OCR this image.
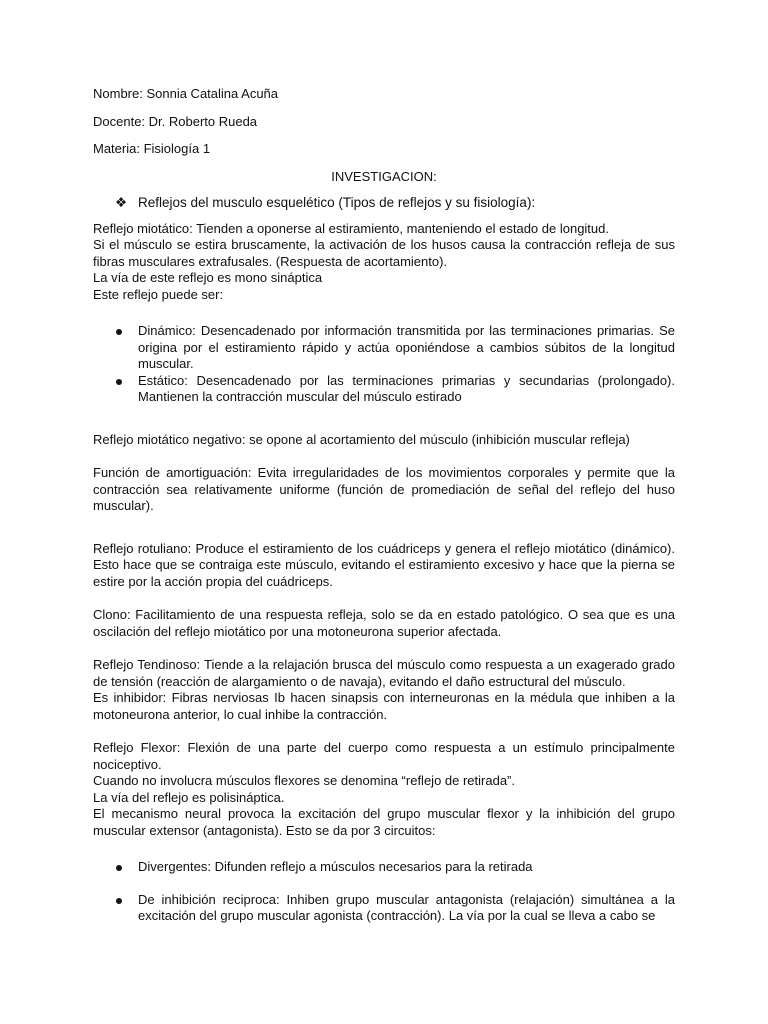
Nombre: Sonnia Catalina Acuña
Docente: Dr. Roberto Rueda
Materia: Fisiología 1
INVESTIGACION:
❖ Reflejos del musculo esquelético (Tipos de reflejos y su fisiología):
Reflejo miotático: Tienden a oponerse al estiramiento, manteniendo el estado de longitud.
Si el músculo se estira bruscamente, la activación de los husos causa la contracción refleja de sus fibras musculares extrafusales. (Respuesta de acortamiento).
La vía de este reflejo es mono sináptica
Este reflejo puede ser:
Dinámico: Desencadenado por información transmitida por las terminaciones primarias. Se origina por el estiramiento rápido y actúa oponiéndose a cambios súbitos de la longitud muscular.
Estático: Desencadenado por las terminaciones primarias y secundarias (prolongado). Mantienen la contracción muscular del músculo estirado
Reflejo miotático negativo: se opone al acortamiento del músculo (inhibición muscular refleja)
Función de amortiguación: Evita irregularidades de los movimientos corporales y permite que la contracción sea relativamente uniforme (función de promediación de señal del reflejo del huso muscular).
Reflejo rotuliano: Produce el estiramiento de los cuádriceps y genera el reflejo miotático (dinámico). Esto hace que se contraiga este músculo, evitando el estiramiento excesivo y hace que la pierna se estire por la acción propia del cuádriceps.
Clono: Facilitamiento de una respuesta refleja, solo se da en estado patológico. O sea que es una oscilación del reflejo miotático por una motoneurona superior afectada.
Reflejo Tendinoso: Tiende a la relajación brusca del músculo como respuesta a un exagerado grado de tensión (reacción de alargamiento o de navaja), evitando el daño estructural del músculo.
Es inhibidor: Fibras nerviosas Ib hacen sinapsis con interneuronas en la médula que inhiben a la motoneurona anterior, lo cual inhibe la contracción.
Reflejo Flexor: Flexión de una parte del cuerpo como respuesta a un estímulo principalmente nociceptivo.
Cuando no involucra músculos flexores se denomina “reflejo de retirada”.
La vía del reflejo es polisináptica.
El mecanismo neural provoca la excitación del grupo muscular flexor y la inhibición del grupo muscular extensor (antagonista). Esto se da por 3 circuitos:
Divergentes: Difunden reflejo a músculos necesarios para la retirada
De inhibición reciproca: Inhiben grupo muscular antagonista (relajación) simultánea a la excitación del grupo muscular agonista (contracción). La vía por la cual se lleva a cabo se
